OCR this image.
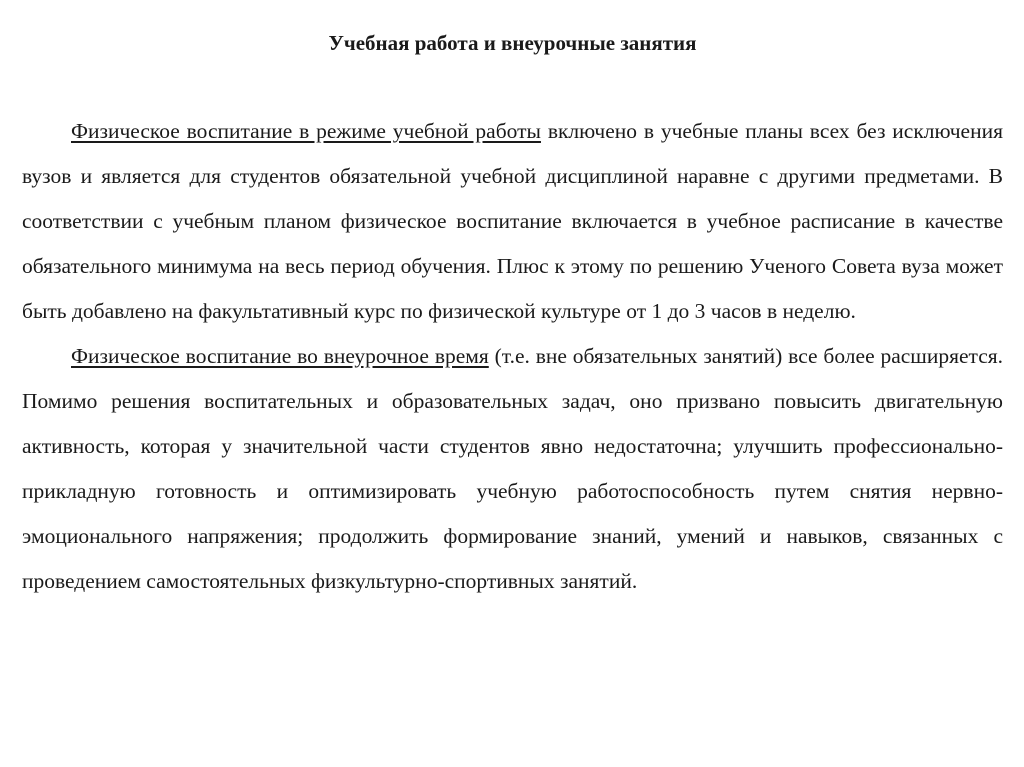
Учебная работа и внеурочные занятия

Физическое воспитание в режиме учебной работы включено в учебные планы всех без исключения вузов и является для студентов обязательной учебной дисциплиной наравне с другими предметами. В соответствии с учебным планом физическое воспитание включается в учебное расписание в качестве обязательного минимума на весь период обучения. Плюс к этому по решению Ученого Совета вуза может быть добавлено на факультативный курс по физической культуре от 1 до 3 часов в неделю.

Физическое воспитание во внеурочное время (т.е. вне обязательных занятий) все более расширяется. Помимо решения воспитательных и образовательных задач, оно призвано повысить двигательную активность, которая у значительной части студентов явно недостаточна; улучшить профессионально-прикладную готовность и оптимизировать учебную работоспособность путем снятия нервно-эмоционального напряжения; продолжить формирование знаний, умений и навыков, связанных с проведением самостоятельных физкультурно-спортивных занятий.
